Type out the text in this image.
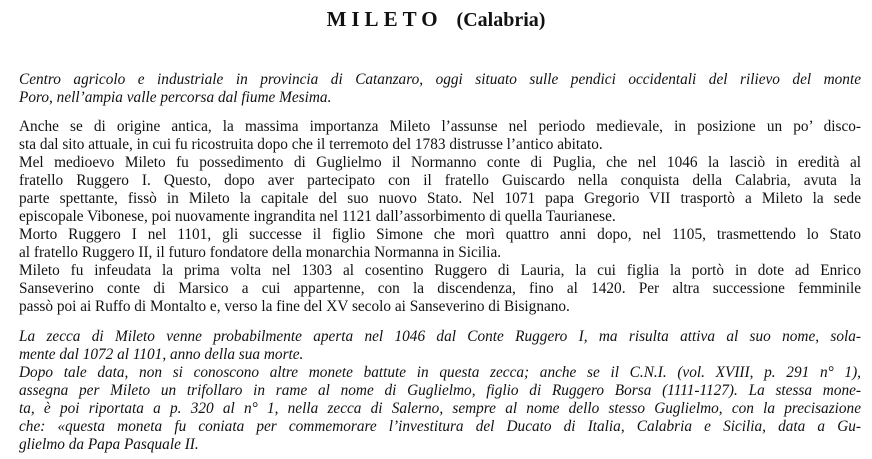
MILETO (Calabria)
Centro agricolo e industriale in provincia di Catanzaro, oggi situato sulle pendici occidentali del rilievo del monte
Poro, nell’ampia valle percorsa dal fiume Mesima.
Anche se di origine antica, la massima importanza Mileto l’assunse nel periodo medievale, in posizione un po’ disco-
sta dal sito attuale, in cui fu ricostruita dopo che il terremoto del 1783 distrusse l’antico abitato.
Mel medioevo Mileto fu possedimento di Guglielmo il Normanno conte di Puglia, che nel 1046 la lasciò in eredità al
fratello Ruggero I. Questo, dopo aver partecipato con il fratello Guiscardo nella conquista della Calabria, avuta la
parte spettante, fissò in Mileto la capitale del suo nuovo Stato. Nel 1071 papa Gregorio VII trasportò a Mileto la sede
episcopale Vibonese, poi nuovamente ingrandita nel 1121 dall’assorbimento di quella Taurianese.
Morto Ruggero I nel 1101, gli successe il figlio Simone che morì quattro anni dopo, nel 1105, trasmettendo lo Stato
al fratello Ruggero II, il futuro fondatore della monarchia Normanna in Sicilia.
Mileto fu infeudata la prima volta nel 1303 al cosentino Ruggero di Lauria, la cui figlia la portò in dote ad Enrico
Sanseverino conte di Marsico a cui appartenne, con la discendenza, fino al 1420. Per altra successione femminile
passò poi ai Ruffo di Montalto e, verso la fine del XV secolo ai Sanseverino di Bisignano.
La zecca di Mileto venne probabilmente aperta nel 1046 dal Conte Ruggero I, ma risulta attiva al suo nome, sola-
mente dal 1072 al 1101, anno della sua morte.
Dopo tale data, non si conoscono altre monete battute in questa zecca; anche se il C.N.I. (vol. XVIII, p. 291 n° 1),
assegna per Mileto un trifollaro in rame al nome di Guglielmo, figlio di Ruggero Borsa (1111-1127). La stessa mone-
ta, è poi riportata a p. 320 al n° 1, nella zecca di Salerno, sempre al nome dello stesso Guglielmo, con la precisazione
che: «questa moneta fu coniata per commemorare l’investitura del Ducato di Italia, Calabria e Sicilia, data a Gu-
glielmo da Papa Pasquale II.
